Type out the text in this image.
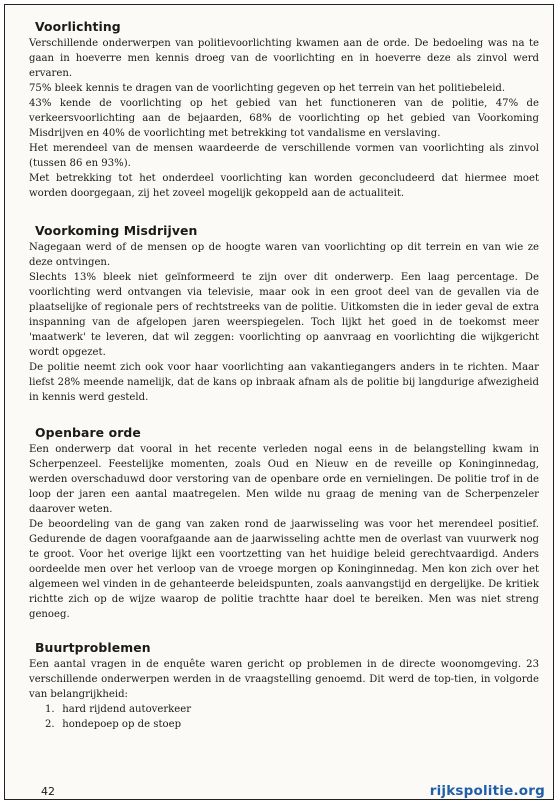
Voorlichting

Verschillende onderwerpen van politievoorlichting kwamen aan de orde. De bedoeling was na te gaan in hoeverre men kennis droeg van de voorlichting en in hoeverre deze als zinvol werd ervaren.

75% bleek kennis te dragen van de voorlichting gegeven op het terrein van het politiebeleid.

43% kende de voorlichting op het gebied van het functioneren van de politie, 47% de verkeersvoorlichting aan de bejaarden, 68% de voorlichting op het gebied van Voorkoming Misdrijven en 40% de voorlichting met betrekking tot vandalisme en verslaving.

Het merendeel van de mensen waardeerde de verschillende vormen van voorlichting als zinvol (tussen 86 en 93%).

Met betrekking tot het onderdeel voorlichting kan worden geconcludeerd dat hiermee moet worden doorgegaan, zij het zoveel mogelijk gekoppeld aan de actualiteit.

Voorkoming Misdrijven

Nagegaan werd of de mensen op de hoogte waren van voorlichting op dit terrein en van wie ze deze ontvingen.

Slechts 13% bleek niet geïnformeerd te zijn over dit onderwerp. Een laag percentage. De voorlichting werd ontvangen via televisie, maar ook in een groot deel van de gevallen via de plaatselijke of regionale pers of rechtstreeks van de politie. Uitkomsten die in ieder geval de extra inspanning van de afgelopen jaren weerspiegelen. Toch lijkt het goed in de toekomst meer 'maatwerk' te leveren, dat wil zeggen: voorlichting op aanvraag en voorlichting die wijkgericht wordt opgezet.

De politie neemt zich ook voor haar voorlichting aan vakantiegangers anders in te richten. Maar liefst 28% meende namelijk, dat de kans op inbraak afnam als de politie bij langdurige afwezigheid in kennis werd gesteld.

Openbare orde

Een onderwerp dat vooral in het recente verleden nogal eens in de belangstelling kwam in Scherpenzeel. Feestelijke momenten, zoals Oud en Nieuw en de reveille op Koninginnedag, werden overschaduwd door verstoring van de openbare orde en vernielingen. De politie trof in de loop der jaren een aantal maatregelen. Men wilde nu graag de mening van de Scherpenzeler daarover weten.

De beoordeling van de gang van zaken rond de jaarwisseling was voor het merendeel positief. Gedurende de dagen voorafgaande aan de jaarwisseling achtte men de overlast van vuurwerk nog te groot. Voor het overige lijkt een voortzetting van het huidige beleid gerechtvaardigd. Anders oordeelde men over het verloop van de vroege morgen op Koninginnedag. Men kon zich over het algemeen wel vinden in de gehanteerde beleidspunten, zoals aanvangstijd en dergelijke. De kritiek richtte zich op de wijze waarop de politie trachtte haar doel te bereiken. Men was niet streng genoeg.

Buurtproblemen

Een aantal vragen in de enquête waren gericht op problemen in de directe woonomgeving. 23 verschillende onderwerpen werden in de vraagstelling genoemd. Dit werd de top-tien, in volgorde van belangrijkheid:

1. hard rijdend autoverkeer
2. hondepoep op de stoep
42	rijkspolitie.org
